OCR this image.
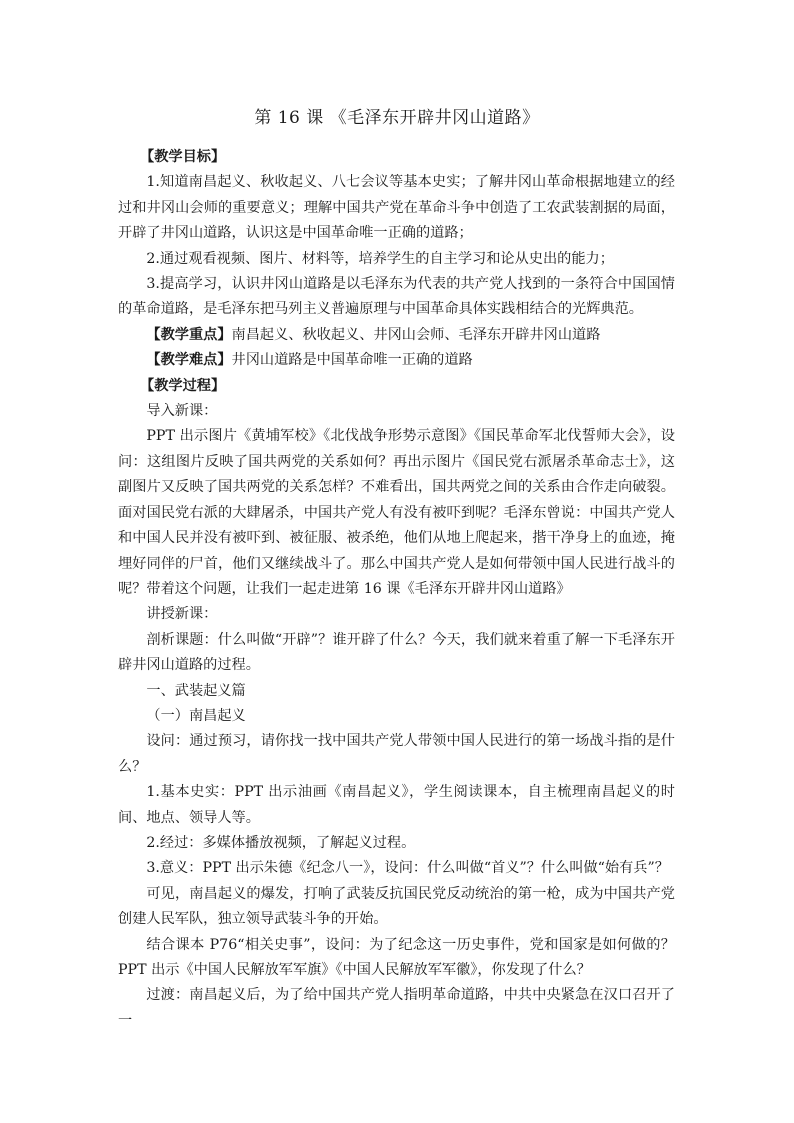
第 16 课 《毛泽东开辟井冈山道路》

【教学目标】

1.知道南昌起义、秋收起义、八七会议等基本史实；了解井冈山革命根据地建立的经过和井冈山会师的重要意义；理解中国共产党在革命斗争中创造了工农武装割据的局面，开辟了井冈山道路，认识这是中国革命唯一正确的道路；

2.通过观看视频、图片、材料等，培养学生的自主学习和论从史出的能力；

3.提高学习，认识井冈山道路是以毛泽东为代表的共产党人找到的一条符合中国国情的革命道路，是毛泽东把马列主义普遍原理与中国革命具体实践相结合的光辉典范。

【教学重点】南昌起义、秋收起义、井冈山会师、毛泽东开辟井冈山道路

【教学难点】井冈山道路是中国革命唯一正确的道路

【教学过程】

导入新课：

PPT 出示图片《黄埔军校》《北伐战争形势示意图》《国民革命军北伐誓师大会》，设问：这组图片反映了国共两党的关系如何？再出示图片《国民党右派屠杀革命志士》，这副图片又反映了国共两党的关系怎样？不难看出，国共两党之间的关系由合作走向破裂。面对国民党右派的大肆屠杀，中国共产党人有没有被吓到呢？毛泽东曾说：中国共产党人和中国人民并没有被吓到、被征服、被杀绝，他们从地上爬起来，揩干净身上的血迹，掩埋好同伴的尸首，他们又继续战斗了。那么中国共产党人是如何带领中国人民进行战斗的呢？带着这个问题，让我们一起走进第 16 课《毛泽东开辟井冈山道路》

讲授新课：

剖析课题：什么叫做“开辟”？谁开辟了什么？今天，我们就来着重了解一下毛泽东开辟井冈山道路的过程。

一、武装起义篇

（一）南昌起义

设问：通过预习，请你找一找中国共产党人带领中国人民进行的第一场战斗指的是什么？

1.基本史实：PPT 出示油画《南昌起义》，学生阅读课本，自主梳理南昌起义的时间、地点、领导人等。

2.经过：多媒体播放视频，了解起义过程。

3.意义：PPT 出示朱德《纪念八一》，设问：什么叫做“首义”？什么叫做“始有兵”？

可见，南昌起义的爆发，打响了武装反抗国民党反动统治的第一枪，成为中国共产党创建人民军队，独立领导武装斗争的开始。

结合课本 P76“相关史事”，设问：为了纪念这一历史事件，党和国家是如何做的？PPT 出示《中国人民解放军军旗》《中国人民解放军军徽》，你发现了什么？

过渡：南昌起义后，为了给中国共产党人指明革命道路，中共中央紧急在汉口召开了一
